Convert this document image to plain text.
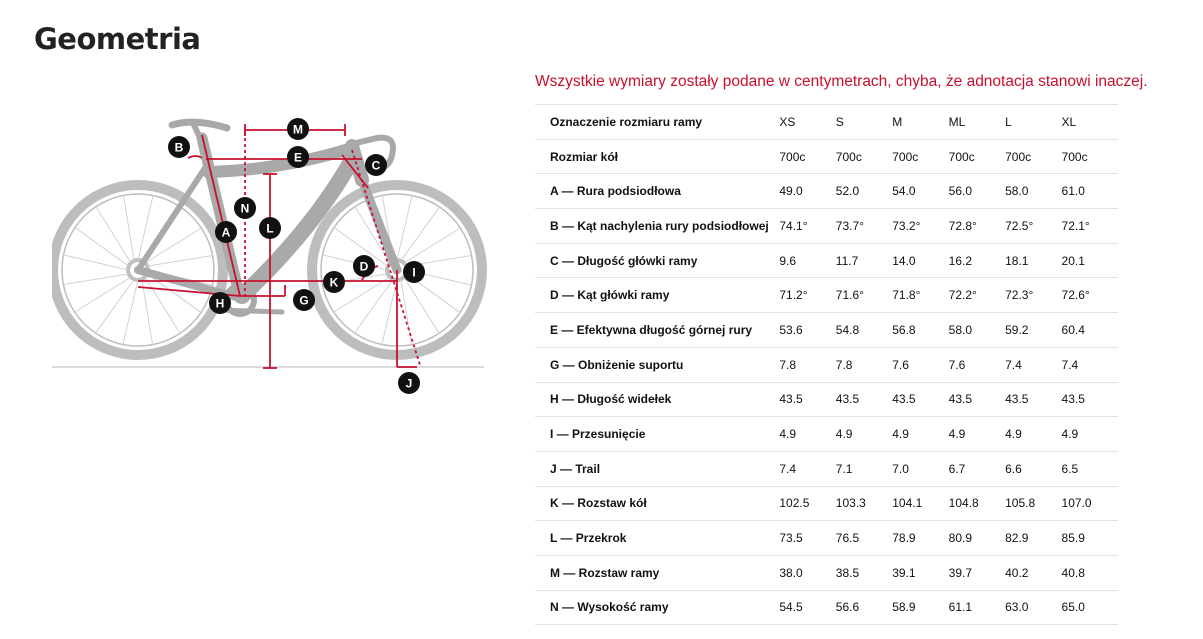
Geometria
A
B
C
D
E
G
H
I
J
K
L
M
N
Wszystkie wymiary zostały podane w centymetrach, chyba, że adnotacja stanowi inaczej.
Oznaczenie rozmiaru ramy	XS	S	M	ML	L	XL
Rozmiar kół	700c	700c	700c	700c	700c	700c
A — Rura podsiodłowa	49.0	52.0	54.0	56.0	58.0	61.0
B — Kąt nachylenia rury podsiodłowej	74.1°	73.7°	73.2°	72.8°	72.5°	72.1°
C — Długość główki ramy	9.6	11.7	14.0	16.2	18.1	20.1
D — Kąt główki ramy	71.2°	71.6°	71.8°	72.2°	72.3°	72.6°
E — Efektywna długość górnej rury	53.6	54.8	56.8	58.0	59.2	60.4
G — Obniżenie suportu	7.8	7.8	7.6	7.6	7.4	7.4
H — Długość widełek	43.5	43.5	43.5	43.5	43.5	43.5
I — Przesunięcie	4.9	4.9	4.9	4.9	4.9	4.9
J — Trail	7.4	7.1	7.0	6.7	6.6	6.5
K — Rozstaw kół	102.5	103.3	104.1	104.8	105.8	107.0
L — Przekrok	73.5	76.5	78.9	80.9	82.9	85.9
M — Rozstaw ramy	38.0	38.5	39.1	39.7	40.2	40.8
N — Wysokość ramy	54.5	56.6	58.9	61.1	63.0	65.0
